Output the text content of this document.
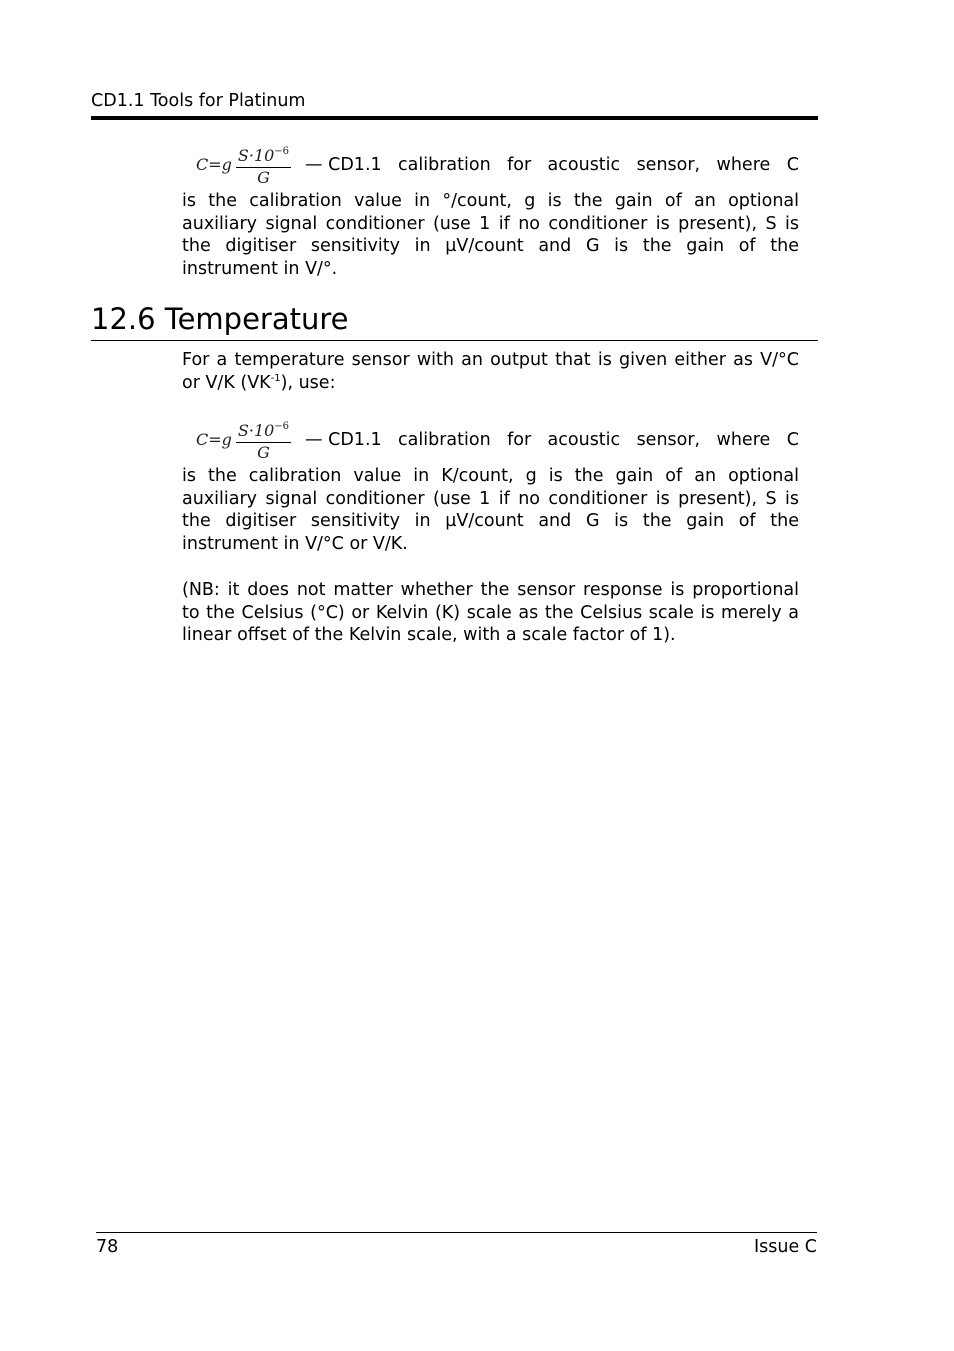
CD1.1 Tools for Platinum
$C=g \frac{S\cdot 10^{-6}}{G}$ — CD1.1 calibration for acoustic sensor, where C

is the calibration value in °/count, g is the gain of an optional auxiliary signal conditioner (use 1 if no conditioner is present), S is the digitiser sensitivity in µV/count and G is the gain of the instrument in V/°.

12.6 Temperature

For a temperature sensor with an output that is given either as V/°C or V/K $(VK^{-1})$, use:

$C=g \frac{S\cdot 10^{-6}}{G}$ — CD1.1 calibration for acoustic sensor, where C

is the calibration value in K/count, g is the gain of an optional auxiliary signal conditioner (use 1 if no conditioner is present), S is the digitiser sensitivity in µV/count and G is the gain of the instrument in V/°C or V/K.

(NB: it does not matter whether the sensor response is proportional to the Celsius (°C) or Kelvin (K) scale as the Celsius scale is merely a linear offset of the Kelvin scale, with a scale factor of 1).

78	Issue C
